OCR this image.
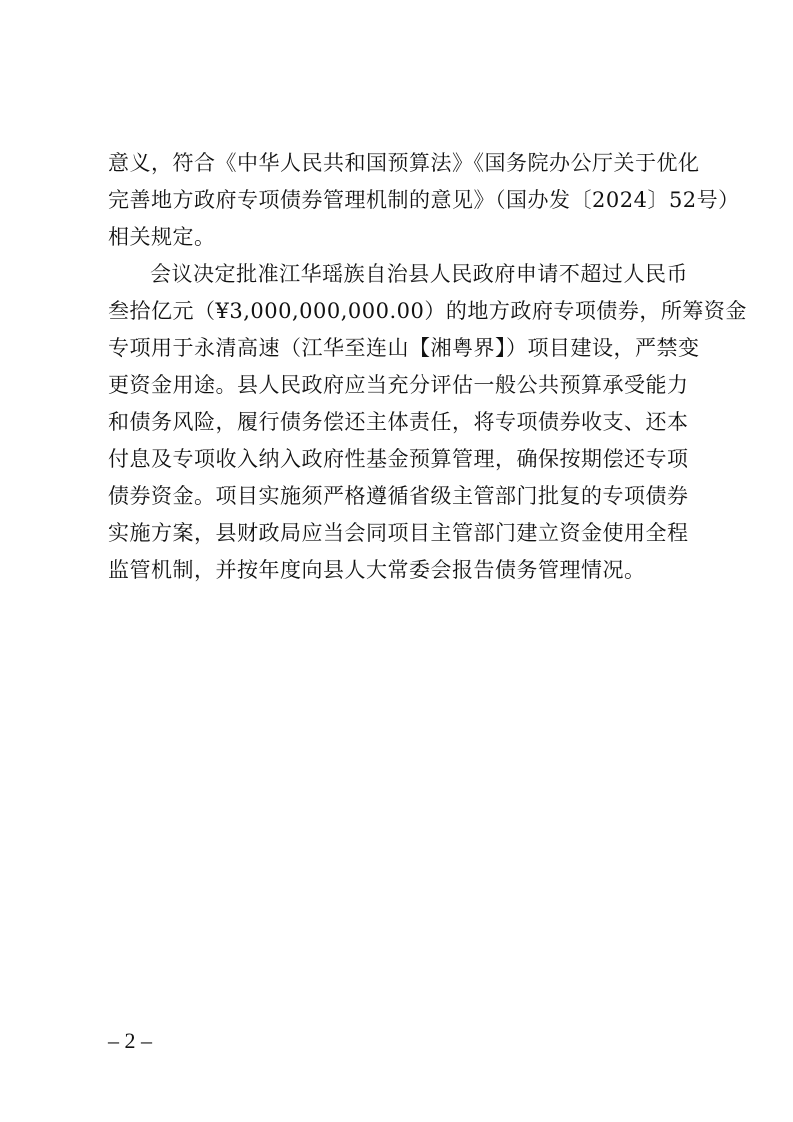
意义，符合《中华人民共和国预算法》《国务院办公厅关于优化
完善地方政府专项债券管理机制的意见》（国办发〔2024〕52号）
相关规定。
会议决定批准江华瑶族自治县人民政府申请不超过人民币
叁拾亿元（¥3,000,000,000.00）的地方政府专项债券，所筹资金
专项用于永清高速（江华至连山【湘粤界】）项目建设，严禁变
更资金用途。县人民政府应当充分评估一般公共预算承受能力
和债务风险，履行债务偿还主体责任，将专项债券收支、还本
付息及专项收入纳入政府性基金预算管理，确保按期偿还专项
债券资金。项目实施须严格遵循省级主管部门批复的专项债券
实施方案，县财政局应当会同项目主管部门建立资金使用全程
监管机制，并按年度向县人大常委会报告债务管理情况。
– 2 –
